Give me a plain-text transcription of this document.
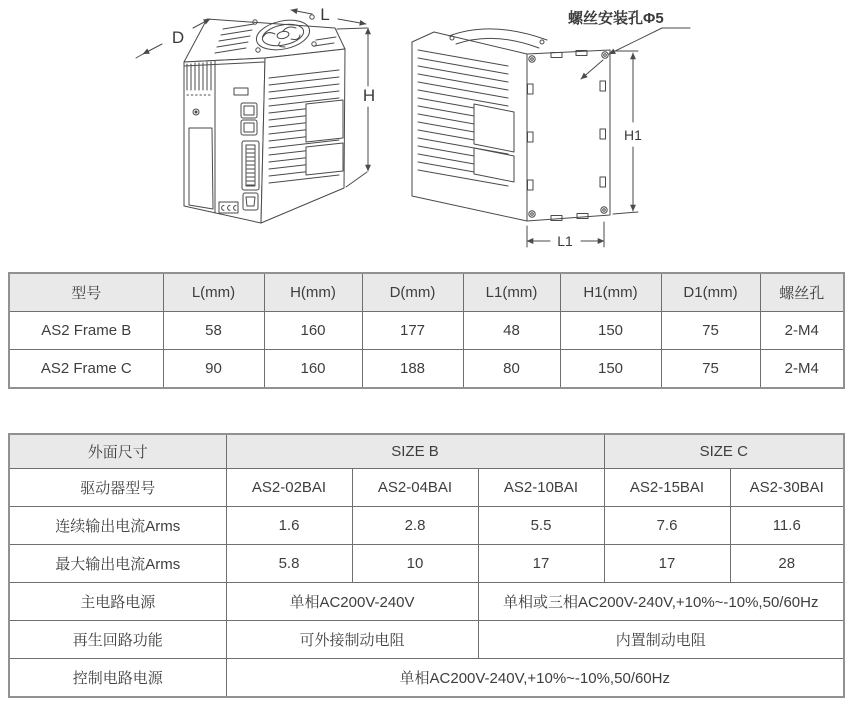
D
L
H
螺丝安装孔Φ5
H1
L1
型号	L(mm)	H(mm)	D(mm)	L1(mm)	H1(mm)	D1(mm)	螺丝孔
AS2 Frame B	58	160	177	48	150	75	2-M4
AS2 Frame C	90	160	188	80	150	75	2-M4
外面尺寸	SIZE B			SIZE C	
驱动器型号	AS2-02BAI	AS2-04BAI	AS2-10BAI	AS2-15BAI	AS2-30BAI
连续输出电流Arms	1.6	2.8	5.5	7.6	11.6
最大输出电流Arms	5.8	10	17	17	28
主电路电源	单相AC200V-240V		单相或三相AC200V-240V,+10%~-10%,50/60Hz		
再生回路功能	可外接制动电阻		内置制动电阻		
控制电路电源	单相AC200V-240V,+10%~-10%,50/60Hz				
